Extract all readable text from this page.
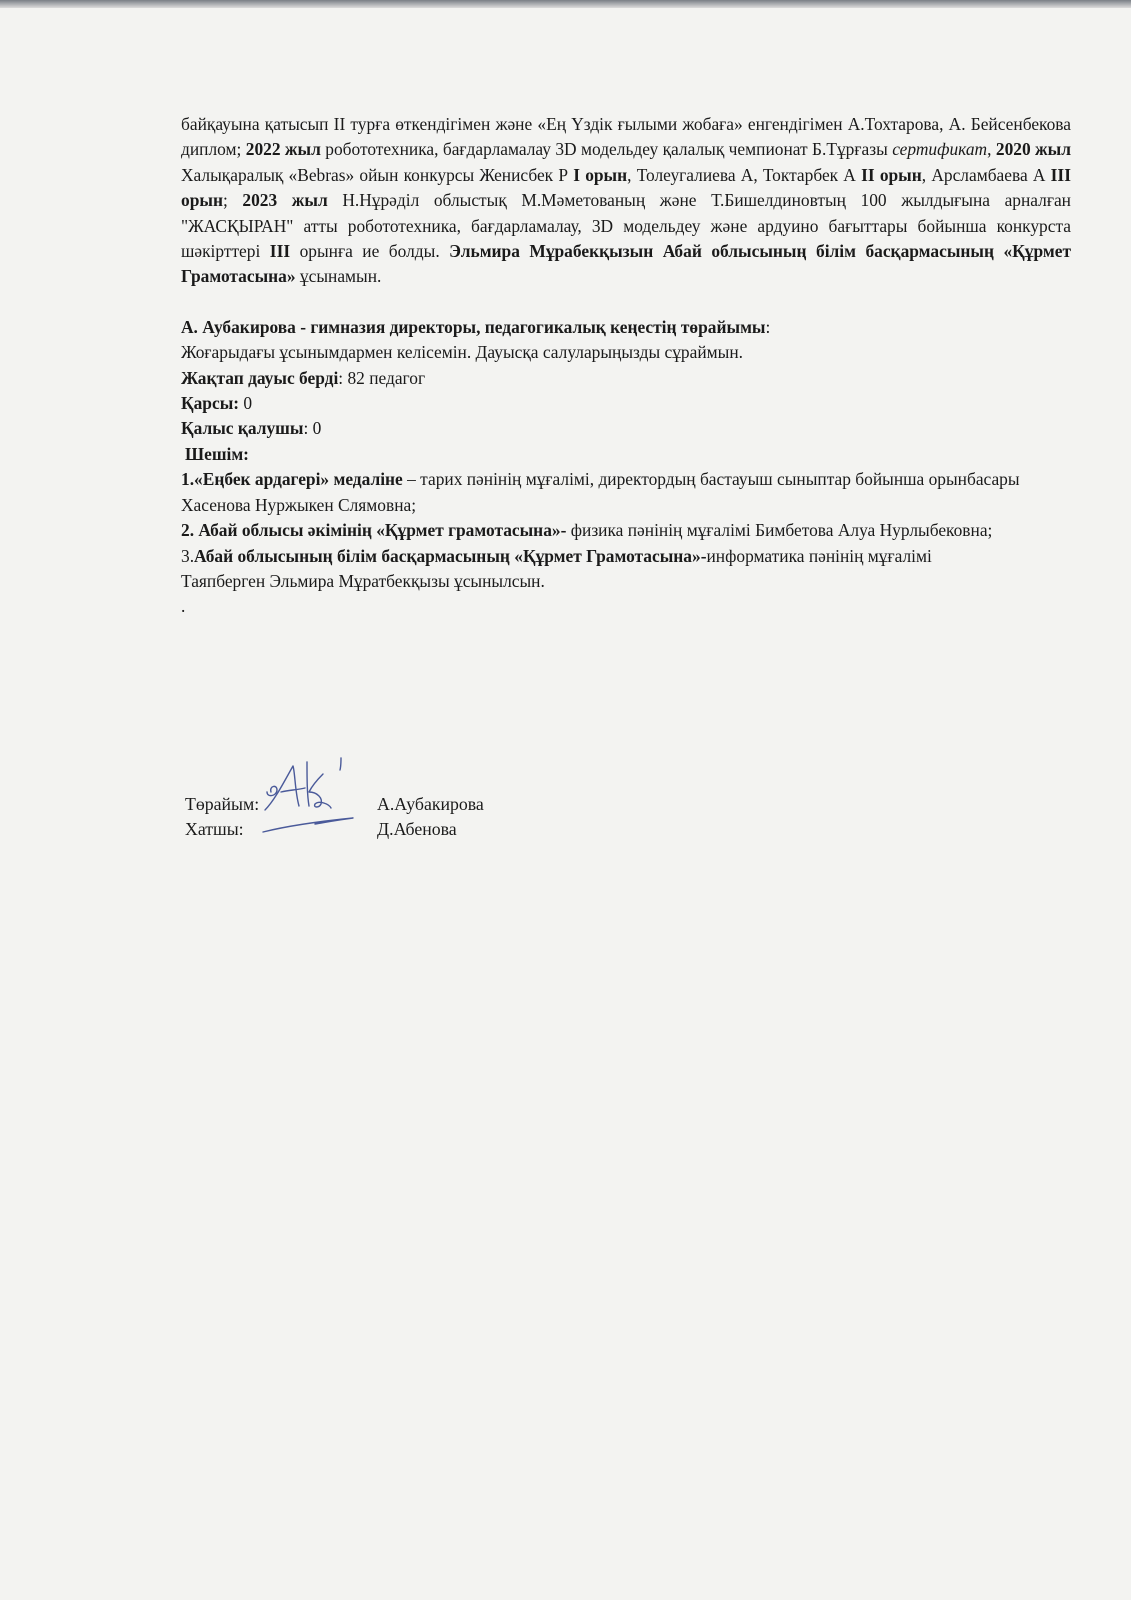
байқауына қатысып ІІ турға өткендігімен және «Ең Үздік ғылыми жобаға» енгендігімен А.Тохтарова, А. Бейсенбекова диплом; 2022 жыл робототехника, бағдарламалау 3D модельдеу қалалық чемпионат Б.Тұрғазы сертификат, 2020 жыл Халықаралық «Bebras» ойын конкурсы Женисбек Р І орын, Толеугалиева А, Токтарбек А ІІ орын, Арсламбаева А ІІІ орын; 2023 жыл Н.Нұрәділ облыстық М.Мәметованың және Т.Бишелдиновтың 100 жылдығына арналған "ЖАСҚЫРАН" атты робототехника, бағдарламалау, 3D модельдеу және ардуино бағыттары бойынша конкурста шәкірттері ІІІ орынға ие болды. Эльмира Мұрабекқызын Абай облысының білім басқармасының «Құрмет Грамотасына» ұсынамын.

А. Аубакирова - гимназия директоры, педагогикалық кеңестің төрайымы:

Жоғарыдағы ұсынымдармен келісемін. Дауысқа салуларыңызды сұраймын.

Жақтап дауыс берді: 82 педагог

Қарсы: 0

Қалыс қалушы: 0

Шешім:

1.«Еңбек ардагері» медаліне – тарих пәнінің мұғалімі, директордың бастауыш сыныптар бойынша орынбасары Хасенова Нуржыкен Слямовна;

2. Абай облысы әкімінің «Құрмет грамотасына»- физика пәнінің мұғалімі Бимбетова Алуа Нурлыбековна;

3.Абай облысының білім басқармасының «Құрмет Грамотасына»-информатика пәнінің мұғалімі Таяпберген Эльмира Мұратбекқызы ұсынылсын.

.

Төрайым:	А.Аубакирова
Хатшы:	Д.Абенова
